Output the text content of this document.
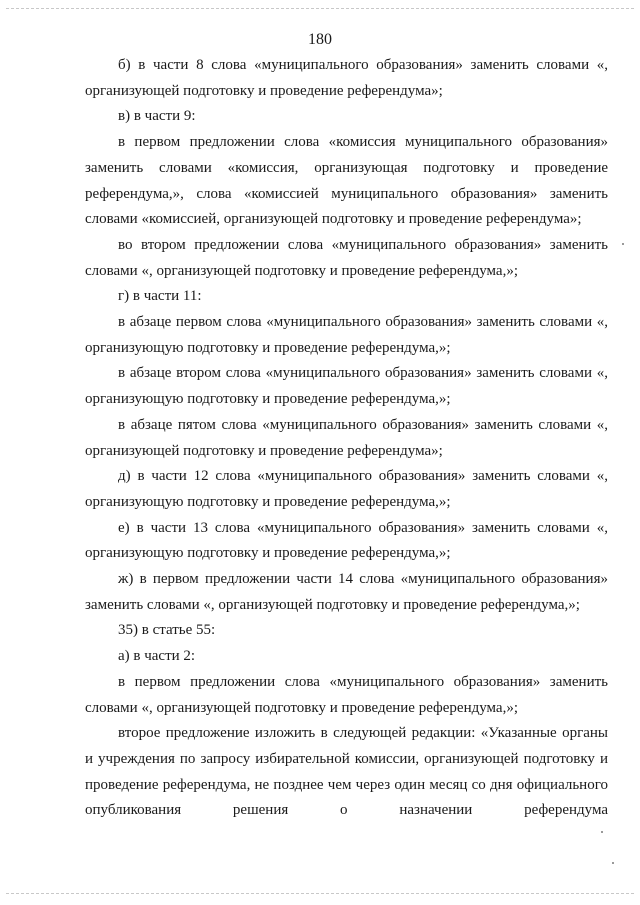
180

б) в части 8 слова «муниципального образования» заменить словами «, организующей подготовку и проведение референдума»;

в) в части 9:

в первом предложении слова «комиссия муниципального образования» заменить словами «комиссия, организующая подготовку и проведение референдума,», слова «комиссией муниципального образования» заменить словами «комиссией, организующей подготовку и проведение референдума»;

во втором предложении слова «муниципального образования» заменить словами «, организующей подготовку и проведение референдума,»;

г) в части 11:

в абзаце первом слова «муниципального образования» заменить словами «, организующую подготовку и проведение референдума,»;

в абзаце втором слова «муниципального образования» заменить словами «, организующую подготовку и проведение референдума,»;

в абзаце пятом слова «муниципального образования» заменить словами «, организующей подготовку и проведение референдума»;

д) в части 12 слова «муниципального образования» заменить словами «, организующую подготовку и проведение референдума,»;

е) в части 13 слова «муниципального образования» заменить словами «, организующую подготовку и проведение референдума,»;

ж) в первом предложении части 14 слова «муниципального образования» заменить словами «, организующей подготовку и проведение референдума,»;

35) в статье 55:

а) в части 2:

в первом предложении слова «муниципального образования» заменить словами «, организующей подготовку и проведение референдума,»;

второе предложение изложить в следующей редакции: «Указанные органы и учреждения по запросу избирательной комиссии, организующей подготовку и проведение референдума, не позднее чем через один месяц со дня официального опубликования решения о назначении референдума
